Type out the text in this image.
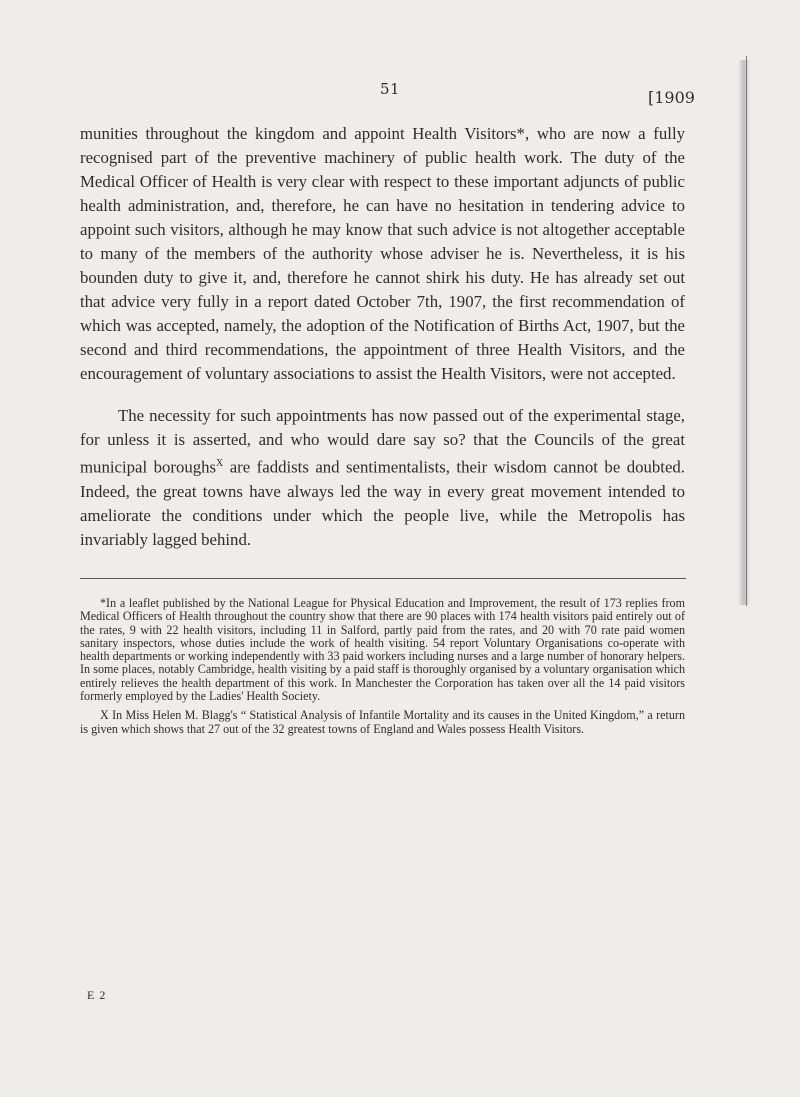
51	[1909

munities throughout the kingdom and appoint Health Visitors*, who are now a fully recognised part of the preventive machinery of public health work. The duty of the Medical Officer of Health is very clear with respect to these important adjuncts of public health administration, and, therefore, he can have no hesitation in tendering advice to appoint such visitors, although he may know that such advice is not altogether acceptable to many of the members of the authority whose adviser he is. Nevertheless, it is his bounden duty to give it, and, therefore he cannot shirk his duty. He has already set out that advice very fully in a report dated October 7th, 1907, the first recommendation of which was accepted, namely, the adoption of the Notification of Births Act, 1907, but the second and third recommendations, the appointment of three Health Visitors, and the encouragement of voluntary associations to assist the Health Visitors, were not accepted.

The necessity for such appointments has now passed out of the experimental stage, for unless it is asserted, and who would dare say so? that the Councils of the great municipal boroughs$^X$ are faddists and sentimentalists, their wisdom cannot be doubted. Indeed, the great towns have always led the way in every great movement intended to ameliorate the conditions under which the people live, while the Metropolis has invariably lagged behind.

*In a leaflet published by the National League for Physical Education and Improvement, the result of 173 replies from Medical Officers of Health throughout the country show that there are 90 places with 174 health visitors paid entirely out of the rates, 9 with 22 health visitors, including 11 in Salford, partly paid from the rates, and 20 with 70 rate paid women sanitary inspectors, whose duties include the work of health visiting. 54 report Voluntary Organisations co-operate with health departments or working independently with 33 paid workers including nurses and a large number of honorary helpers. In some places, notably Cambridge, health visiting by a paid staff is thoroughly organised by a voluntary organisation which entirely relieves the health department of this work. In Manchester the Corporation has taken over all the 14 paid visitors formerly employed by the Ladies' Health Society.

X In Miss Helen M. Blagg's “ Statistical Analysis of Infantile Mortality and its causes in the United Kingdom,” a return is given which shows that 27 out of the 32 greatest towns of England and Wales possess Health Visitors.

E 2
